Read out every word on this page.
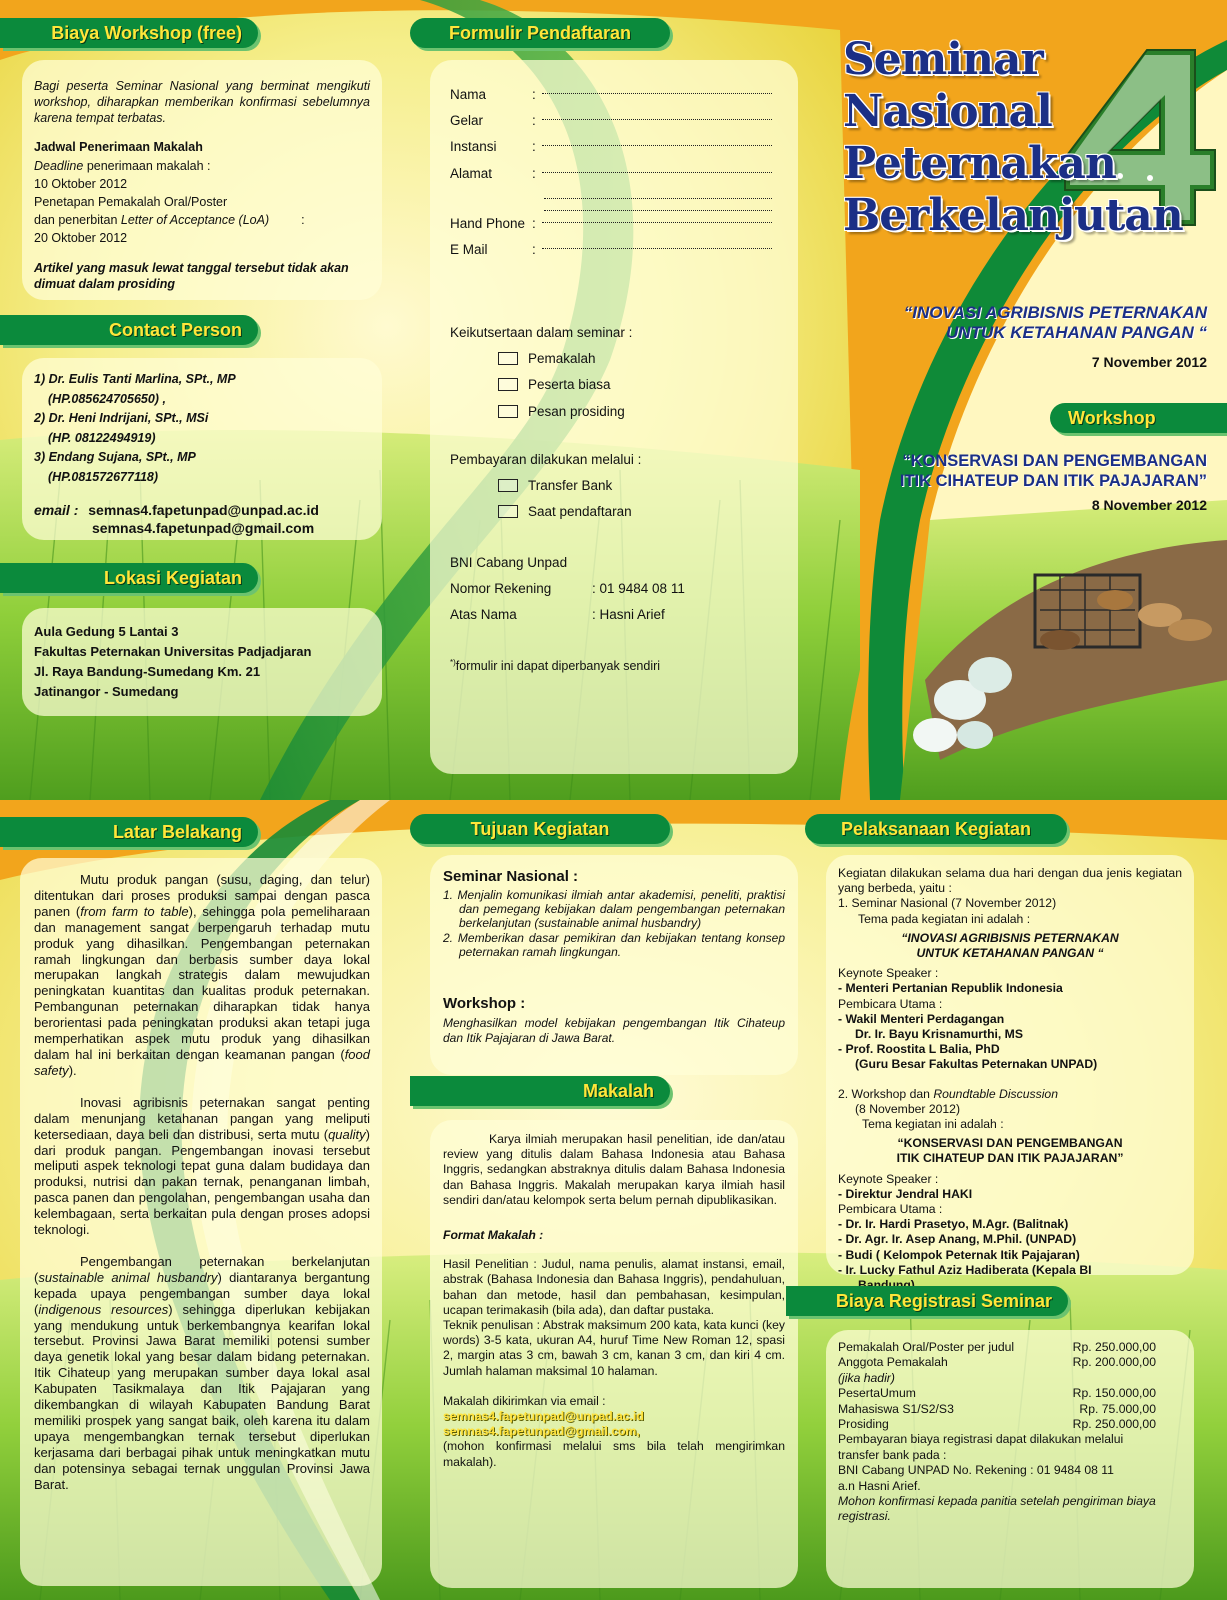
Biaya Workshop (free)
Bagi peserta Seminar Nasional yang berminat mengikuti workshop, diharapkan memberikan konfirmasi sebelumnya karena tempat terbatas.
Jadwal Penerimaan Makalah
Deadline penerimaan makalah :
10 Oktober 2012
Penetapan Pemakalah Oral/Poster
dan penerbitan Letter of Acceptance (LoA)	:
20 Oktober 2012
Artikel yang masuk lewat tanggal tersebut tidak akan dimuat dalam prosiding
Contact Person
1) Dr. Eulis Tanti Marlina, SPt., MP
(HP.085624705650) ,
2) Dr. Heni Indrijani, SPt., MSi
(HP. 08122494919)
3) Endang Sujana, SPt., MP
(HP.081572677118)
email : semnas4.fapetunpad@unpad.ac.id
semnas4.fapetunpad@gmail.com
Lokasi Kegiatan
Aula Gedung 5 Lantai 3
Fakultas Peternakan Universitas Padjadjaran
Jl. Raya Bandung-Sumedang Km. 21
Jatinangor - Sumedang
Formulir Pendaftaran
Nama	:
Gelar	:
Instansi	:
Alamat	:
Hand Phone :
E Mail	:
Keikutsertaan dalam seminar :
Pemakalah
Peserta biasa
Pesan prosiding
Pembayaran dilakukan melalui :
Transfer Bank
Saat pendaftaran
BNI Cabang Unpad
Nomor Rekening	: 01 9484 08 11
Atas Nama	: Hasni Arief
*)formulir ini dapat diperbanyak sendiri
Seminar
Nasional
Peternakan
Berkelanjutan
“INOVASI AGRIBISNIS PETERNAKAN
UNTUK KETAHANAN PANGAN “
7 November 2012
Workshop
“KONSERVASI DAN PENGEMBANGAN
ITIK CIHATEUP DAN ITIK PAJAJARAN”
8 November 2012
Latar Belakang

Mutu produk pangan (susu, daging, dan telur) ditentukan dari proses produksi sampai dengan pasca panen (from farm to table), sehingga pola pemeliharaan dan management sangat berpengaruh terhadap mutu produk yang dihasilkan. Pengembangan peternakan ramah lingkungan dan berbasis sumber daya lokal merupakan langkah strategis dalam mewujudkan peningkatan kuantitas dan kualitas produk peternakan. Pembangunan peternakan diharapkan tidak hanya berorientasi pada peningkatan produksi akan tetapi juga memperhatikan aspek mutu produk yang dihasilkan dalam hal ini berkaitan dengan keamanan pangan (food safety).

Inovasi agribisnis peternakan sangat penting dalam menunjang ketahanan pangan yang meliputi ketersediaan, daya beli dan distribusi, serta mutu (quality) dari produk pangan. Pengembangan inovasi tersebut meliputi aspek teknologi tepat guna dalam budidaya dan produksi, nutrisi dan pakan ternak, penanganan limbah, pasca panen dan pengolahan, pengembangan usaha dan kelembagaan, serta berkaitan pula dengan proses adopsi teknologi.

Pengembangan peternakan berkelanjutan (sustainable animal husbandry) diantaranya bergantung kepada upaya pengembangan sumber daya lokal (indigenous resources) sehingga diperlukan kebijakan yang mendukung untuk berkembangnya kearifan lokal tersebut. Provinsi Jawa Barat memiliki potensi sumber daya genetik lokal yang besar dalam bidang peternakan. Itik Cihateup yang merupakan sumber daya lokal asal Kabupaten Tasikmalaya dan Itik Pajajaran yang dikembangkan di wilayah Kabupaten Bandung Barat memiliki prospek yang sangat baik, oleh karena itu dalam upaya mengembangkan ternak tersebut diperlukan kerjasama dari berbagai pihak untuk meningkatkan mutu dan potensinya sebagai ternak unggulan Provinsi Jawa Barat.

Tujuan Kegiatan
Seminar Nasional :
1. Menjalin komunikasi ilmiah antar akademisi, peneliti, praktisi dan pemegang kebijakan dalam pengembangan peternakan berkelanjutan (sustainable animal husbandry)
2. Memberikan dasar pemikiran dan kebijakan tentang konsep peternakan ramah lingkungan.
Workshop :
Menghasilkan model kebijakan pengembangan Itik Cihateup dan Itik Pajajaran di Jawa Barat.
Makalah

Karya ilmiah merupakan hasil penelitian, ide dan/atau review yang ditulis dalam Bahasa Indonesia atau Bahasa Inggris, sedangkan abstraknya ditulis dalam Bahasa Indonesia dan Bahasa Inggris. Makalah merupakan karya ilmiah hasil sendiri dan/atau kelompok serta belum pernah dipublikasikan.

Format Makalah :

Hasil Penelitian : Judul, nama penulis, alamat instansi, email, abstrak (Bahasa Indonesia dan Bahasa Inggris), pendahuluan, bahan dan metode, hasil dan pembahasan, kesimpulan, ucapan terimakasih (bila ada), dan daftar pustaka.

Teknik penulisan : Abstrak maksimum 200 kata, kata kunci (key words) 3-5 kata, ukuran A4, huruf Time New Roman 12, spasi 2, margin atas 3 cm, bawah 3 cm, kanan 3 cm, dan kiri 4 cm. Jumlah halaman maksimal 10 halaman.

Makalah dikirimkan via email :

semnas4.fapetunpad@unpad.ac.id

semnas4.fapetunpad@gmail.com,

(mohon konfirmasi melalui sms bila telah mengirimkan makalah).

Pelaksanaan Kegiatan
Kegiatan dilakukan selama dua hari dengan dua jenis kegiatan yang berbeda, yaitu :
1. Seminar Nasional (7 November 2012)
Tema pada kegiatan ini adalah :
“INOVASI AGRIBISNIS PETERNAKAN
UNTUK KETAHANAN PANGAN “
Keynote Speaker :
- Menteri Pertanian Republik Indonesia
Pembicara Utama :
- Wakil Menteri Perdagangan
Dr. Ir. Bayu Krisnamurthi, MS
- Prof. Roostita L Balia, PhD
(Guru Besar Fakultas Peternakan UNPAD)
2. Workshop dan Roundtable Discussion
(8 November 2012)
Tema kegiatan ini adalah :
“KONSERVASI DAN PENGEMBANGAN
ITIK CIHATEUP DAN ITIK PAJAJARAN”
Keynote Speaker :
- Direktur Jendral HAKI
Pembicara Utama :
- Dr. Ir. Hardi Prasetyo, M.Agr. (Balitnak)
- Dr. Agr. Ir. Asep Anang, M.Phil. (UNPAD)
- Budi ( Kelompok Peternak Itik Pajajaran)
- Ir. Lucky Fathul Aziz Hadiberata (Kepala BI
Biaya Registrasi Seminar
Pemakalah Oral/Poster per judul	Rp. 250.000,00
Anggota Pemakalah	Rp. 200.000,00
(jika hadir)
PesertaUmum	Rp. 150.000,00
Mahasiswa S1/S2/S3	Rp. 75.000,00
Prosiding	Rp. 250.000,00
Pembayaran biaya registrasi dapat dilakukan melalui transfer bank pada :
BNI Cabang UNPAD No. Rekening : 01 9484 08 11
a.n Hasni Arief.
Mohon konfirmasi kepada panitia setelah pengiriman biaya registrasi.
